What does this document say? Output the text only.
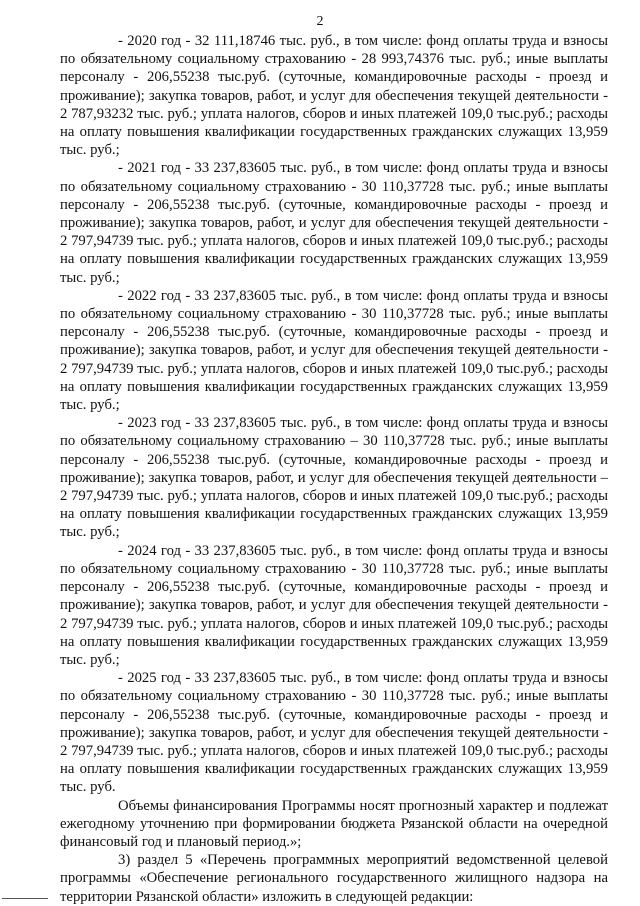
2

- 2020 год - 32 111,18746 тыс. руб., в том числе: фонд оплаты труда и взносы по обязательному социальному страхованию - 28 993,74376 тыс. руб.; иные выплаты персоналу - 206,55238 тыс.руб. (суточные, командировочные расходы - проезд и проживание); закупка товаров, работ, и услуг для обеспечения текущей деятельности - 2 787,93232 тыс. руб.; уплата налогов, сборов и иных платежей 109,0 тыс.руб.; расходы на оплату повышения квалификации государственных гражданских служащих 13,959 тыс. руб.;

- 2021 год - 33 237,83605 тыс. руб., в том числе: фонд оплаты труда и взносы по обязательному социальному страхованию - 30 110,37728 тыс. руб.; иные выплаты персоналу - 206,55238 тыс.руб. (суточные, командировочные расходы - проезд и проживание); закупка товаров, работ, и услуг для обеспечения текущей деятельности - 2 797,94739 тыс. руб.; уплата налогов, сборов и иных платежей 109,0 тыс.руб.; расходы на оплату повышения квалификации государственных гражданских служащих 13,959 тыс. руб.;

- 2022 год - 33 237,83605 тыс. руб., в том числе: фонд оплаты труда и взносы по обязательному социальному страхованию - 30 110,37728 тыс. руб.; иные выплаты персоналу - 206,55238 тыс.руб. (суточные, командировочные расходы - проезд и проживание); закупка товаров, работ, и услуг для обеспечения текущей деятельности - 2 797,94739 тыс. руб.; уплата налогов, сборов и иных платежей 109,0 тыс.руб.; расходы на оплату повышения квалификации государственных гражданских служащих 13,959 тыс. руб.;

- 2023 год - 33 237,83605 тыс. руб., в том числе: фонд оплаты труда и взносы по обязательному социальному страхованию – 30 110,37728 тыс. руб.; иные выплаты персоналу - 206,55238 тыс.руб. (суточные, командировочные расходы - проезд и проживание); закупка товаров, работ, и услуг для обеспечения текущей деятельности – 2 797,94739 тыс. руб.; уплата налогов, сборов и иных платежей 109,0 тыс.руб.; расходы на оплату повышения квалификации государственных гражданских служащих 13,959 тыс. руб.;

- 2024 год - 33 237,83605 тыс. руб., в том числе: фонд оплаты труда и взносы по обязательному социальному страхованию - 30 110,37728 тыс. руб.; иные выплаты персоналу - 206,55238 тыс.руб. (суточные, командировочные расходы - проезд и проживание); закупка товаров, работ, и услуг для обеспечения текущей деятельности - 2 797,94739 тыс. руб.; уплата налогов, сборов и иных платежей 109,0 тыс.руб.; расходы на оплату повышения квалификации государственных гражданских служащих 13,959 тыс. руб.;

- 2025 год - 33 237,83605 тыс. руб., в том числе: фонд оплаты труда и взносы по обязательному социальному страхованию - 30 110,37728 тыс. руб.; иные выплаты персоналу - 206,55238 тыс.руб. (суточные, командировочные расходы - проезд и проживание); закупка товаров, работ, и услуг для обеспечения текущей деятельности - 2 797,94739 тыс. руб.; уплата налогов, сборов и иных платежей 109,0 тыс.руб.; расходы на оплату повышения квалификации государственных гражданских служащих 13,959 тыс. руб.

Объемы финансирования Программы носят прогнозный характер и подлежат ежегодному уточнению при формировании бюджета Рязанской области на очередной финансовый год и плановый период.»;

3) раздел 5 «Перечень программных мероприятий ведомственной целевой программы «Обеспечение регионального государственного жилищного надзора на территории Рязанской области» изложить в следующей редакции:
